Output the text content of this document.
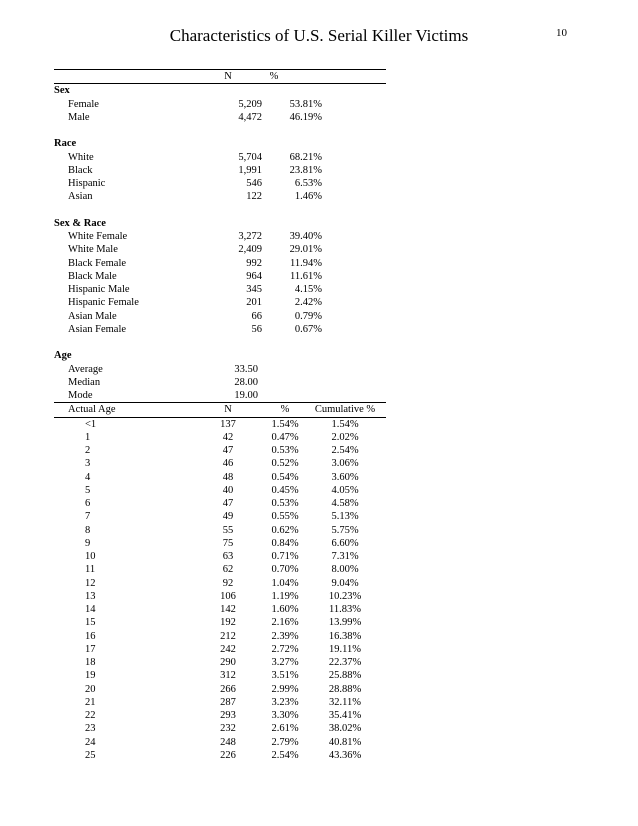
Characteristics of U.S. Serial Killer Victims	10
N	%
Sex
Female	5,209	53.81%
Male	4,472	46.19%
Race
White	5,704	68.21%
Black	1,991	23.81%
Hispanic	546	6.53%
Asian	122	1.46%
Sex & Race
White Female	3,272	39.40%
White Male	2,409	29.01%
Black Female	992	11.94%
Black Male	964	11.61%
Hispanic Male	345	4.15%
Hispanic Female	201	2.42%
Asian Male	66	0.79%
Asian Female	56	0.67%
Age
Average	33.50
Median	28.00
Mode	19.00
Actual Age	N	%	Cumulative %
<1	137	1.54%	1.54%
1	42	0.47%	2.02%
2	47	0.53%	2.54%
3	46	0.52%	3.06%
4	48	0.54%	3.60%
5	40	0.45%	4.05%
6	47	0.53%	4.58%
7	49	0.55%	5.13%
8	55	0.62%	5.75%
9	75	0.84%	6.60%
10	63	0.71%	7.31%
11	62	0.70%	8.00%
12	92	1.04%	9.04%
13	106	1.19%	10.23%
14	142	1.60%	11.83%
15	192	2.16%	13.99%
16	212	2.39%	16.38%
17	242	2.72%	19.11%
18	290	3.27%	22.37%
19	312	3.51%	25.88%
20	266	2.99%	28.88%
21	287	3.23%	32.11%
22	293	3.30%	35.41%
23	232	2.61%	38.02%
24	248	2.79%	40.81%
25	226	2.54%	43.36%
